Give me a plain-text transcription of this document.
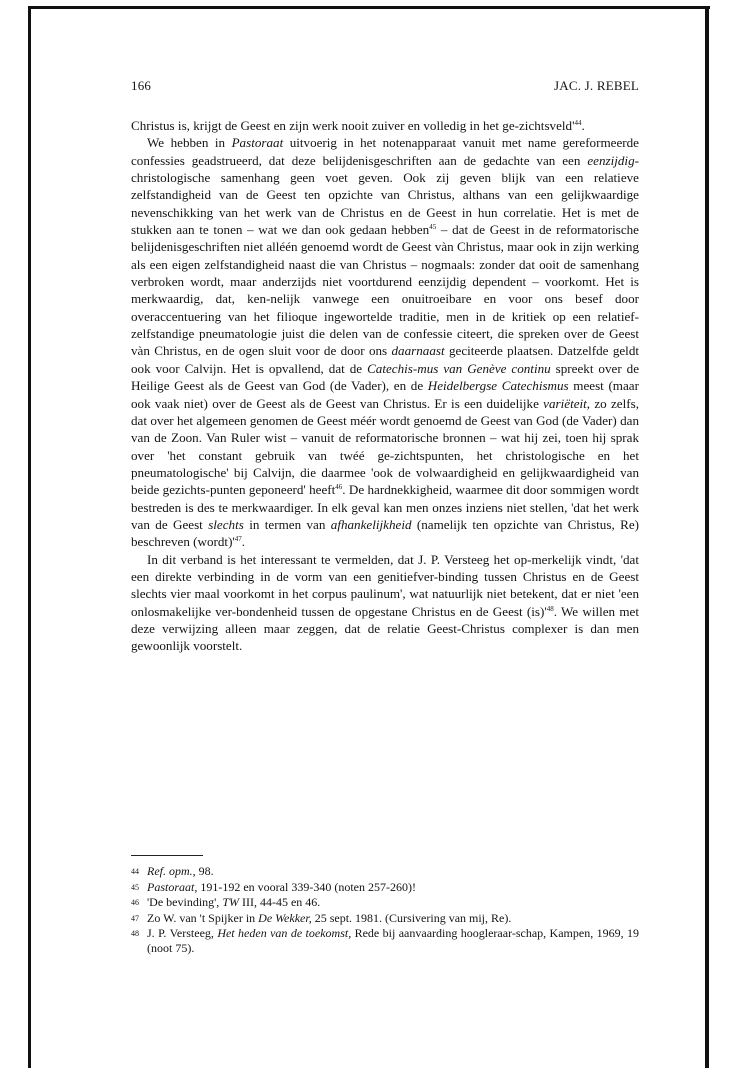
166	JAC. J. REBEL

Christus is, krijgt de Geest en zijn werk nooit zuiver en volledig in het $ge-zichtsveld'^{44}$.

We hebben in Pastoraat uitvoerig in het notenapparaat vanuit met name gereformeerde confessies geadstrueerd, dat deze belijdenisgeschriften aan de gedachte van een eenzijdig-christologische samenhang geen voet geven. Ook zij geven blijk van een relatieve zelfstandigheid van de Geest ten opzichte van Christus, althans van een gelijkwaardige nevenschikking van het werk van de Christus en de Geest in hun correlatie. Het is met de stukken aan te tonen – wat we dan ook gedaan hebben$^{45}$ – dat de Geest in de reformatorische belijdenisgeschriften niet alléén genoemd wordt de Geest vàn Christus, maar ook in zijn werking als een eigen zelfstandigheid naast die van Christus – nogmaals: zonder dat ooit de samenhang verbroken wordt, maar anderzijds niet voortdurend eenzijdig dependent – voorkomt. Het is merkwaardig, dat, ken-nelijk vanwege een onuitroeibare en voor ons besef door overaccentuering van het filioque ingewortelde traditie, men in de kritiek op een relatief-zelfstandige pneumatologie juist die delen van de confessie citeert, die spreken over de Geest vàn Christus, en de ogen sluit voor de door ons daarnaast geciteerde plaatsen. Datzelfde geldt ook voor Calvijn. Het is opvallend, dat de Catechis-mus van Genève continu spreekt over de Heilige Geest als de Geest van God (de Vader), en de Heidelbergse Catechismus meest (maar ook vaak niet) over de Geest als de Geest van Christus. Er is een duidelijke variëteit, zo zelfs, dat over het algemeen genomen de Geest méér wordt genoemd de Geest van God (de Vader) dan van de Zoon. Van Ruler wist – vanuit de reformatorische bronnen – wat hij zei, toen hij sprak over 'het constant gebruik van twéé ge-zichtspunten, het christologische en het pneumatologische' bij Calvijn, die daarmee 'ook de volwaardigheid en gelijkwaardigheid van beide gezichts-punten geponeerd' heeft$^{46}$. De hardnekkigheid, waarmee dit door sommigen wordt bestreden is des te merkwaardiger. In elk geval kan men onzes inziens niet stellen, 'dat het werk van de Geest slechts in termen van afhankelijkheid (namelijk ten opzichte van Christus, Re) beschreven $(wordt)'^{47}$.

In dit verband is het interessant te vermelden, dat J. P. Versteeg het op-merkelijk vindt, 'dat een direkte verbinding in de vorm van een genitiefver-binding tussen Christus en de Geest slechts vier maal voorkomt in het corpus paulinum', wat natuurlijk niet betekent, dat er niet 'een onlosmakelijke ver-bondenheid tussen de opgestane Christus en de Geest $(is)'^{48}$. We willen met deze verwijzing alleen maar zeggen, dat de relatie Geest-Christus complexer is dan men gewoonlijk voorstelt.

44 Ref. opm., 98.
45 Pastoraat, 191-192 en vooral 339-340 (noten 257-260)!
46 'De bevinding', TW III, 44-45 en 46.
47 Zo W. van 't Spijker in De Wekker, 25 sept. 1981. (Cursivering van mij, Re).
48 J. P. Versteeg, Het heden van de toekomst, Rede bij aanvaarding hoogleraar-schap, Kampen, 1969, 19 (noot 75).
